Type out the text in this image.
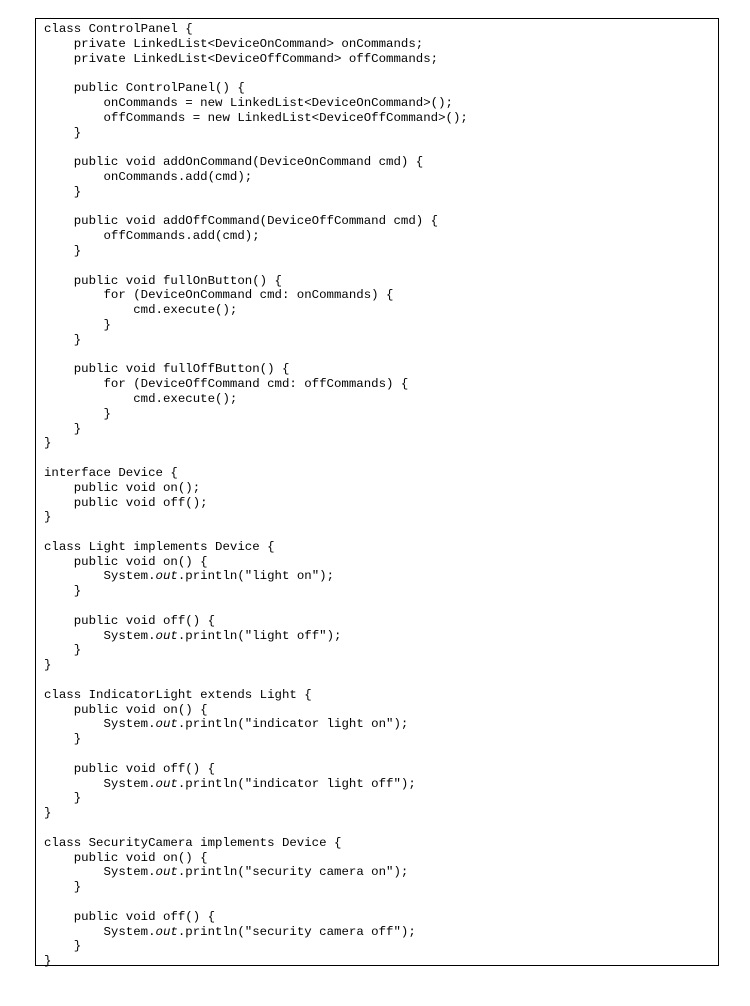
class ControlPanel {
private LinkedList<DeviceOnCommand> onCommands;
private LinkedList<DeviceOffCommand> offCommands;
public ControlPanel() {
onCommands = new LinkedList<DeviceOnCommand>();
offCommands = new LinkedList<DeviceOffCommand>();
}
public void addOnCommand(DeviceOnCommand cmd) {
onCommands.add(cmd);
}
public void addOffCommand(DeviceOffCommand cmd) {
offCommands.add(cmd);
}
public void fullOnButton() {
for (DeviceOnCommand cmd: onCommands) {
cmd.execute();
}
}
public void fullOffButton() {
for (DeviceOffCommand cmd: offCommands) {
cmd.execute();
}
}
}
interface Device {
public void on();
public void off();
}
class Light implements Device {
public void on() {
System.out.println("light on");
}
public void off() {
System.out.println("light off");
}
}
class IndicatorLight extends Light {
public void on() {
System.out.println("indicator light on");
}
public void off() {
System.out.println("indicator light off");
}
}
class SecurityCamera implements Device {
public void on() {
System.out.println("security camera on");
}
public void off() {
System.out.println("security camera off");
}
}
